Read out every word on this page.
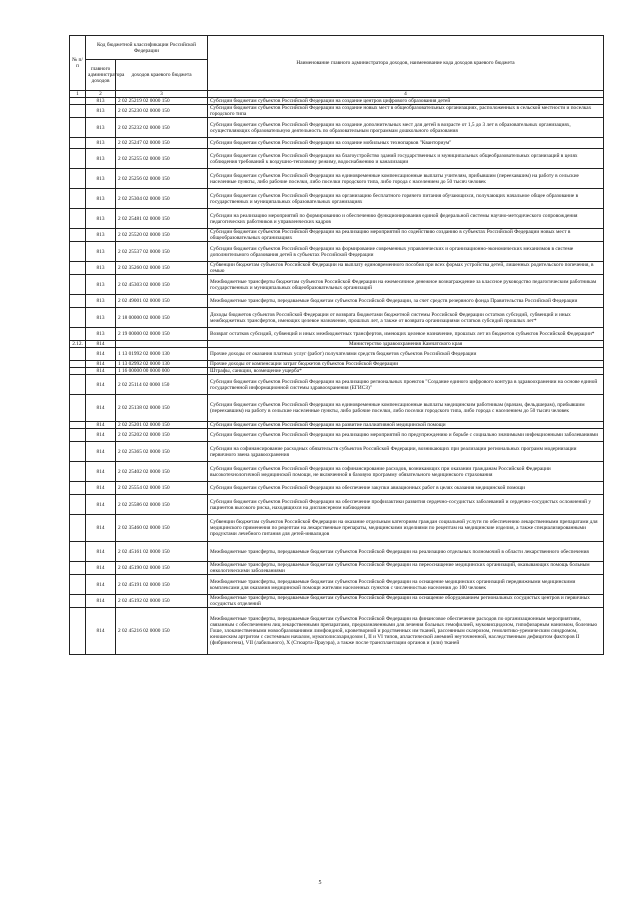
№ п/п	Код бюджетной классификации Российской Федерации		Наименование главного администратора доходов, наименование кода доходов краевого бюджета
	главного администратора доходов	доходов краевого бюджета	
1	2	3	4
	813	2 02 25219 02 0000 150	Субсидии бюджетам субъектов Российской Федерации на создание центров цифрового образования детей
	813	2 02 25230 02 0000 150	Субсидии бюджетам субъектов Российской Федерации на создание новых мест в общеобразовательных организациях, расположенных в сельской местности и поселках городского типа
	813	2 02 25232 02 0000 150	Субсидии бюджетам субъектов Российской Федерации на создание дополнительных мест для детей в возрасте от 1,5 до 3 лет в образовательных организациях, осуществляющих образовательную деятельность по образовательным программам дошкольного образования
	813	2 02 25247 02 0000 150	Субсидии бюджетам субъектов Российской Федерации на создание мобильных технопарков "Кванториум"
	813	2 02 25255 02 0000 150	Субсидии бюджетам субъектов Российской Федерации на благоустройство зданий государственных и муниципальных общеобразовательных организаций в целях соблюдения требований к воздушно-тепловому режиму, водоснабжению и канализации
	813	2 02 25256 02 0000 150	Субсидии бюджетам субъектов Российской Федерации на единовременные компенсационные выплаты учителям, прибывшим (переехавшим) на работу в сельские населенные пункты, либо рабочие поселки, либо поселки городского типа, либо города с населением до 50 тысяч человек
	813	2 02 25304 02 0000 150	Субсидии бюджетам субъектов Российской Федерации на организацию бесплатного горячего питания обучающихся, получающих начальное общее образование в государственных и муниципальных образовательных организациях
	813	2 02 25481 02 0000 150	Субсидии на реализацию мероприятий по формированию и обеспечению функционирования единой федеральной системы научно-методического сопровождения педагогических работников и управленческих кадров
	813	2 02 25520 02 0000 150	Субсидии бюджетам субъектов Российской Федерации на реализацию мероприятий по содействию созданию в субъектах Российской Федерации новых мест в общеобразовательных организациях
	813	2 02 25537 02 0000 150	Субсидии бюджетам субъектов Российской Федерации на формирование современных управленческих и организационно-экономических механизмов в системе дополнительного образования детей в субъектах Российской Федерации
	813	2 02 35260 02 0000 150	Субвенции бюджетам субъектов Российской Федерации на выплату единовременного пособия при всех формах устройства детей, лишенных родительского попечения, в семью
	813	2 02 45303 02 0000 150	Межбюджетные трансферты бюджетам субъектов Российской Федерации на ежемесячное денежное вознаграждение за классное руководство педагогическим работникам государственных и муниципальных общеобразовательных организаций
	813	2 02 49001 02 0000 150	Межбюджетные трансферты, передаваемые бюджетам субъектов Российской Федерации, за счет средств резервного фонда Правительства Российской Федерации
	813	2 18 00000 02 0000 150	Доходы бюджетов субъектов Российской Федерации от возврата бюджетами бюджетной системы Российской Федерации остатков субсидий, субвенций и иных межбюджетных трансфертов, имеющих целевое назначение, прошлых лет, а также от возврата организациями остатков субсидий прошлых лет*
	813	2 19 00000 02 0000 150	Возврат остатков субсидий, субвенций и иных межбюджетных трансфертов, имеющих целевое назначение, прошлых лет из бюджетов субъектов Российской Федерации*
2.12.	814		Министерство здравоохранения Камчатского края
	814	1 13 01992 02 0000 130	Прочие доходы от оказания платных услуг (работ) получателями средств бюджетов субъектов Российской Федерации
	814	1 13 02992 02 0000 130	Прочие доходы от компенсации затрат бюджетов субъектов Российской Федерации
	814	1 16 00000 00 0000 000	Штрафы, санкции, возмещение ущерба*
	814	2 02 25114 02 0000 150	Субсидии бюджетам субъектов Российской Федерации на реализацию региональных проектов "Создание единого цифрового контура в здравоохранении на основе единой государственной информационной системы здравоохранения (ЕГИСЗ)"
	814	2 02 25138 02 0000 150	Субсидии бюджетам субъектов Российской Федерации на единовременные компенсационные выплаты медицинским работникам (врачам, фельдшерам), прибывшим (переехавшим) на работу в сельские населенные пункты, либо рабочие поселки, либо поселки городского типа, либо города с населением до 50 тысяч человек
	814	2 02 25201 02 0000 150	Субсидии бюджетам субъектов Российской Федерации на развитие паллиативной медицинской помощи
	814	2 02 25202 02 0000 150	Субсидии бюджетам субъектов Российской Федерации на реализацию мероприятий по предупреждению и борьбе с социально значимыми инфекционными заболеваниями
	814	2 02 25365 02 0000 150	Субсидии на софинансирование расходных обязательств субъектов Российской Федерации, возникающих при реализации региональных программ модернизации первичного звена здравоохранения
	814	2 02 25402 02 0000 150	Субсидии бюджетам субъектов Российской Федерации на софинансирование расходов, возникающих при оказании гражданам Российской Федерации высокотехнологичной медицинской помощи, не включенной в базовую программу обязательного медицинского страхования
	814	2 02 25554 02 0000 150	Субсидии бюджетам субъектов Российской Федерации на обеспечение закупки авиационных работ в целях оказания медицинской помощи
	814	2 02 25586 02 0000 150	Субсидии бюджетам субъектов Российской Федерации на обеспечение профилактики развития сердечно-сосудистых заболеваний и сердечно-сосудистых осложнений у пациентов высокого риска, находящихся на диспансерном наблюдении
	814	2 02 35460 02 0000 150	Субвенции бюджетам субъектов Российской Федерации на оказание отдельным категориям граждан социальной услуги по обеспечению лекарственными препаратами для медицинского применения по рецептам на лекарственные препараты, медицинскими изделиями по рецептам на медицинские изделия, а также специализированными продуктами лечебного питания для детей-инвалидов
	814	2 02 45161 02 0000 150	Межбюджетные трансферты, передаваемые бюджетам субъектов Российской Федерации на реализацию отдельных полномочий в области лекарственного обеспечения
	814	2 02 45190 02 0000 150	Межбюджетные трансферты, передаваемые бюджетам субъектов Российской Федерации на переоснащение медицинских организаций, оказывающих помощь больным онкологическими заболеваниями
	814	2 02 45191 02 0000 150	Межбюджетные трансферты, передаваемые бюджетам субъектов Российской Федерации на оснащение медицинских организаций передвижными медицинскими комплексами для оказания медицинской помощи жителям населенных пунктов с численностью населения до 100 человек
	814	2 02 45192 02 0000 150	Межбюджетные трансферты, передаваемые бюджетам субъектов Российской Федерации на оснащение оборудованием региональных сосудистых центров и первичных сосудистых отделений
	814	2 02 45216 02 0000 150	Межбюджетные трансферты, передаваемые бюджетам субъектов Российской Федерации на финансовое обеспечение расходов по организационным мероприятиям, связанным с обеспечением лиц лекарственными препаратами, предназначенными для лечения больных гемофилией, муковисцидозом, гипофизарным нанизмом, болезнью Гоше, злокачественными новообразованиями лимфоидной, кроветворной и родственных им тканей, рассеянным склерозом, гемолитико-уремическим синдромом, юношеским артритом с системным началом, мукополисахаридозом I, II и VI типов, апластической анемией неуточненной, наследственным дефицитом факторов II (фибриногена), VII (лабильного), X (Стюарта-Прауэра), а также после трансплантации органов и (или) тканей
5
